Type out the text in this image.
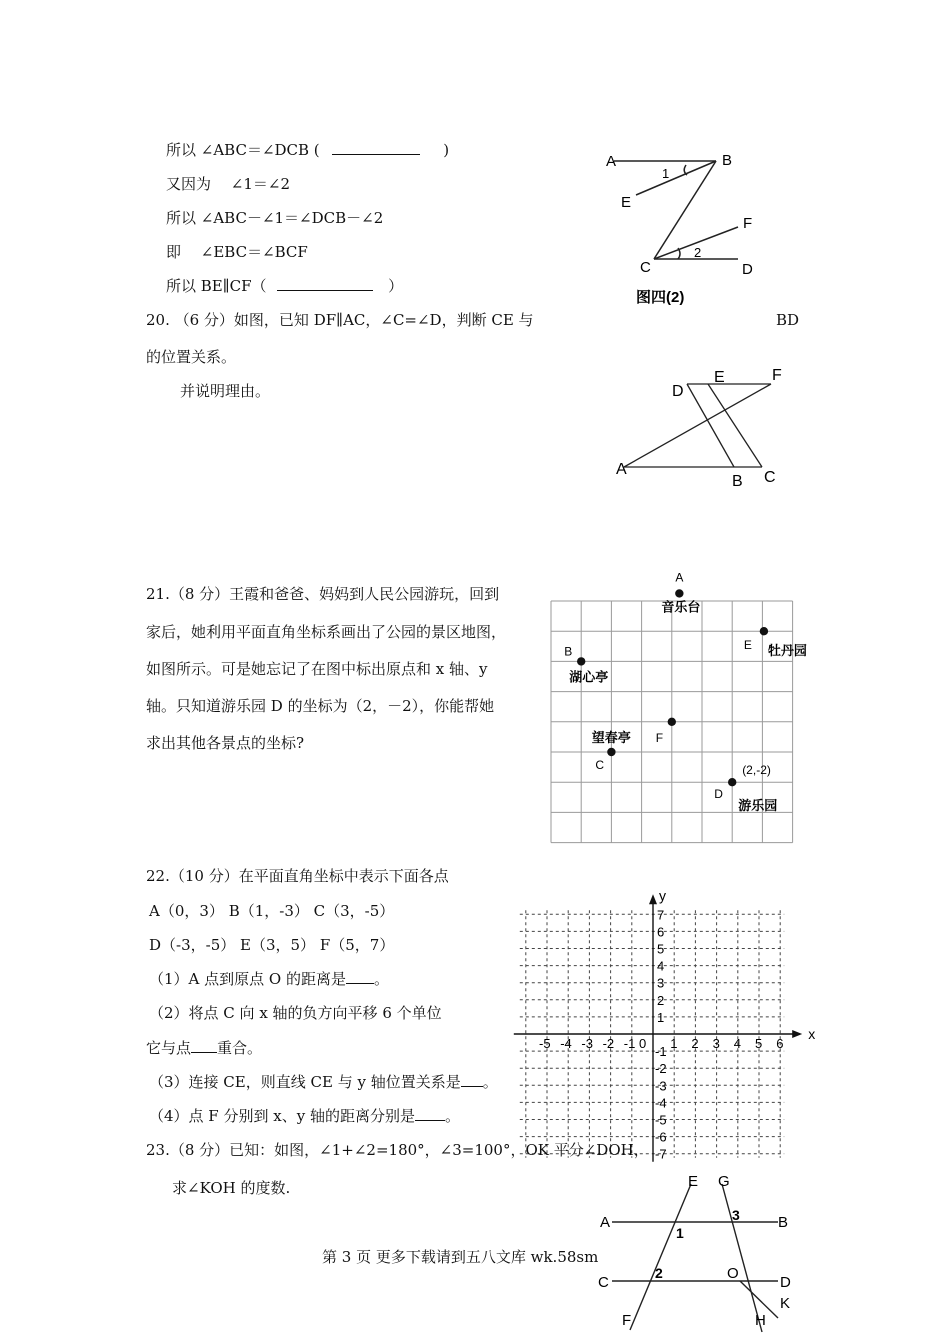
所以 ∠ABC＝∠DCB (	)
又因为　 ∠1＝∠2
所以 ∠ABC－∠1＝∠DCB－∠2
即　 ∠EBC＝∠BCF
所以 BE∥CF（	）
A	B
E
F
C	D
1
2
图四(2)
20. （6 分）如图，已知 DF∥AC，∠C=∠D，判断 CE 与	BD
的位置关系。
并说明理由。	D
E	F
A
B C
21.（8 分）王霞和爸爸、妈妈到人民公园游玩，回到
家后，她利用平面直角坐标系画出了公园的景区地图，
如图所示。可是她忘记了在图中标出原点和 x 轴、y
轴。只知道游乐园 D 的坐标为（2，－2），你能帮她
求出其他各景点的坐标?
A
音乐台
E 牡丹园
B
湖心亭
F
望春亭
C
D
游乐园
(2,-2)
22.（10 分）在平面直角坐标中表示下面各点
A（0，3） B（1，-3） C（3，-5）
D（-3，-5） E（3，5） F（5，7）
（1）A 点到原点 O 的距离是 。
（2）将点 C 向 x 轴的负方向平移 6 个单位
它与点 重合。
（3）连接 CE，则直线 CE 与 y 轴位置关系是 。
（4）点 F 分别到 x、y 轴的距离分别是 。
x
y
0
-5 -4 -3 -2 -1	1 2 3 4 5 6
7
6
5
4
3
2
1
-1
-2
-3
-4
-5
-6
-7
23.（8 分）已知：如图，∠1+∠2=180°，∠3=100°，OK 平分∠DOH，
求∠KOH 的度数.
A	B
C	D
E G
F	H
K
O
1
2
3
第 3 页 更多下载请到五八文库 wk.58sm
